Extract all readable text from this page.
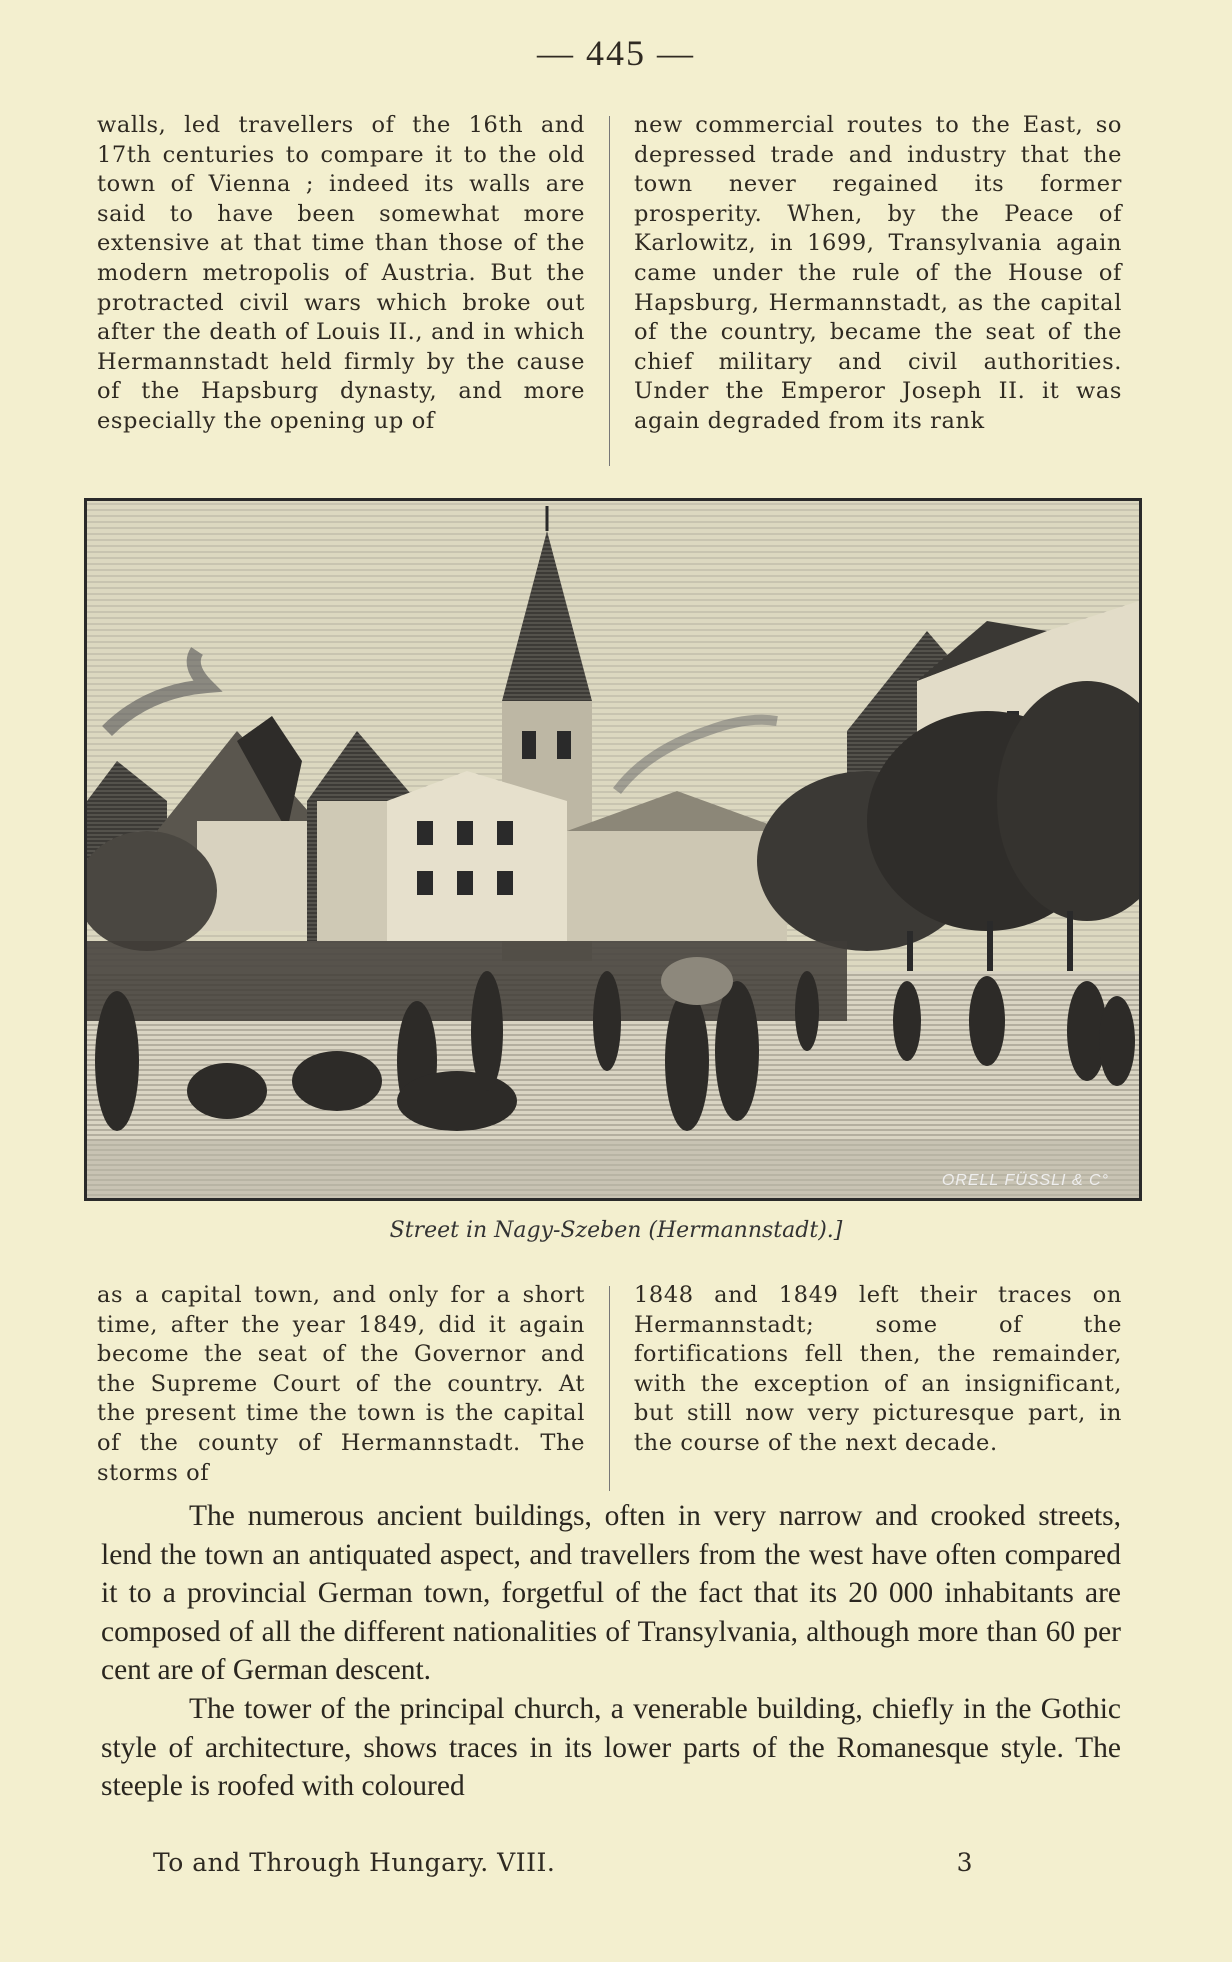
— 445 —
walls, led travellers of the 16th and 17th centuries to compare it to the old town of Vienna ; indeed its walls are said to have been somewhat more extensive at that time than those of the modern metropolis of Austria. But the protracted civil wars which broke out after the death of Louis II., and in which Hermannstadt held firmly by the cause of the Hapsburg dynasty, and more especially the opening up of
new commercial routes to the East, so depressed trade and industry that the town never regained its former prosperity. When, by the Peace of Karlowitz, in 1699, Transylvania again came under the rule of the House of Hapsburg, Hermannstadt, as the capital of the country, became the seat of the chief military and civil authorities. Under the Emperor Joseph II. it was again degraded from its rank
ORELL FÜSSLI & C°
Street in Nagy-Szeben (Hermannstadt).]
as a capital town, and only for a short time, after the year 1849, did it again become the seat of the Governor and the Supreme Court of the country. At the present time the town is the capital of the county of Hermannstadt. The storms of
1848 and 1849 left their traces on Hermannstadt; some of the fortifications fell then, the remainder, with the exception of an insignificant, but still now very picturesque part, in the course of the next decade.

The numerous ancient buildings, often in very narrow and crooked streets, lend the town an antiquated aspect, and travellers from the west have often compared it to a provincial German town, forgetful of the fact that its 20 000 inhabitants are composed of all the different nationalities of Transylvania, although more than 60 per cent are of German descent.

The tower of the principal church, a venerable building, chiefly in the Gothic style of architecture, shows traces in its lower parts of the Romanesque style. The steeple is roofed with coloured

To and Through Hungary. VIII.	3
